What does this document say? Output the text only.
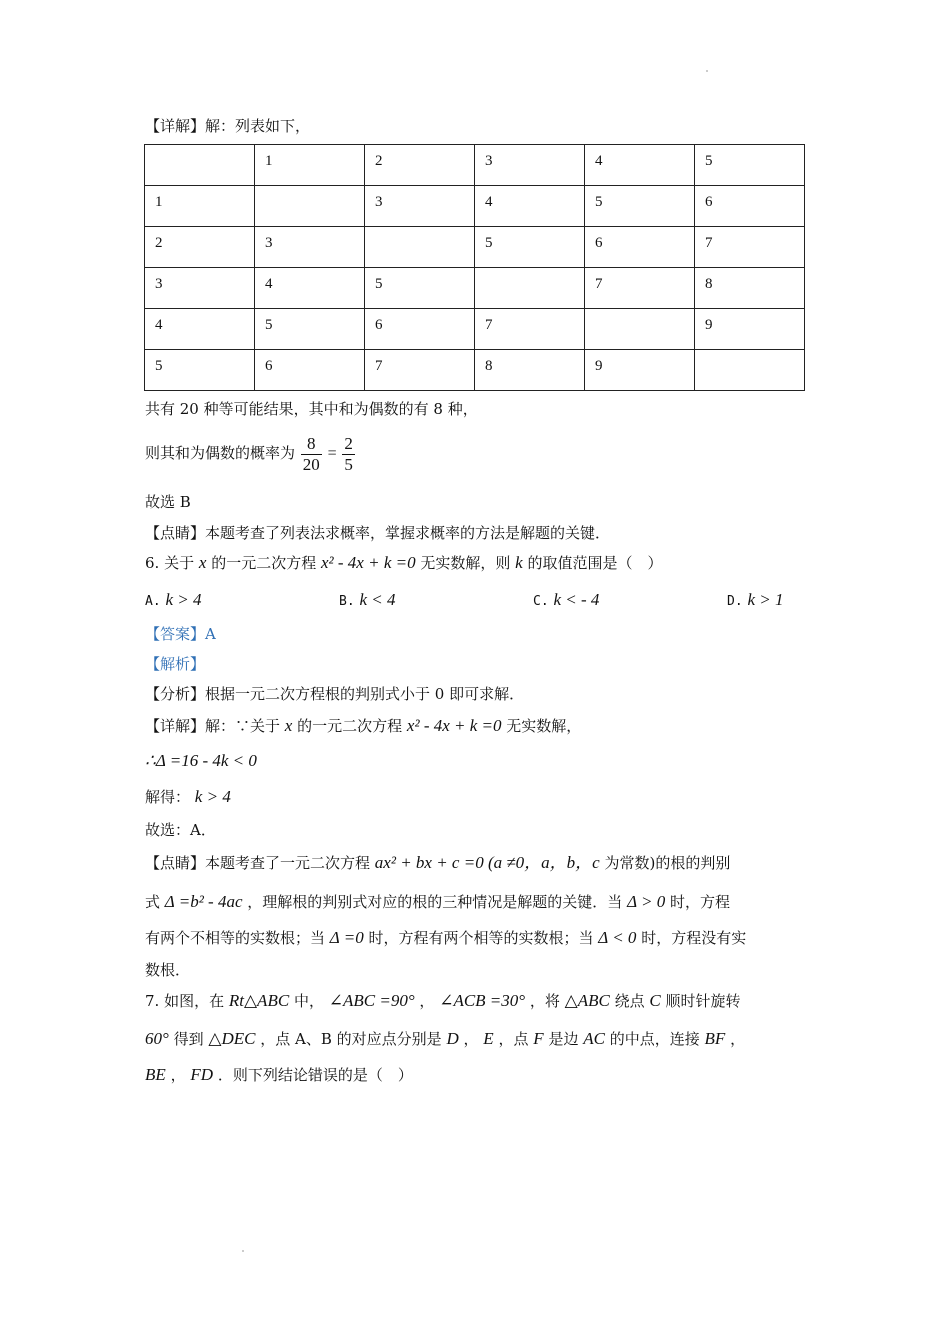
【详解】解：列表如下，
	1	2	3	4	5
1		3	4	5	6
2	3		5	6	7
3	4	5		7	8
4	5	6	7		9
5	6	7	8	9	
共有 20 种等可能结果，其中和为偶数的有 8 种，
则其和为偶数的概率为 $\frac{8}{20} = \frac{2}{5}$
故选 B
【点睛】本题考查了列表法求概率，掌握求概率的方法是解题的关键．
6. 关于 x 的一元二次方程 x² - 4x + k =0 无实数解，则 k 的取值范围是（　）
A. k > 4	B. k < 4	C. k < - 4	D. k > 1
【答案】A
【解析】
【分析】根据一元二次方程根的判别式小于 0 即可求解．
【详解】解：∵关于 x 的一元二次方程 x² - 4x + k =0 无实数解，
∴Δ =16 - 4k < 0
解得： k > 4
故选：A．
【点睛】本题考查了一元二次方程 ax² + bx + c =0 (a ≠0，a，b，c 为常数)的根的判别
式 Δ =b² - 4ac ，理解根的判别式对应的根的三种情况是解题的关键．当 Δ > 0 时，方程
有两个不相等的实数根；当 Δ =0 时，方程有两个相等的实数根；当 Δ < 0 时，方程没有实
数根．
7. 如图，在 Rt△ABC 中， ∠ABC =90° ， ∠ACB =30° ，将 △ABC 绕点 C 顺时针旋转
60° 得到 △DEC ，点 A、B 的对应点分别是 D ， E ，点 F 是边 AC 的中点，连接 BF ，
BE ， FD ．则下列结论错误的是（　）
